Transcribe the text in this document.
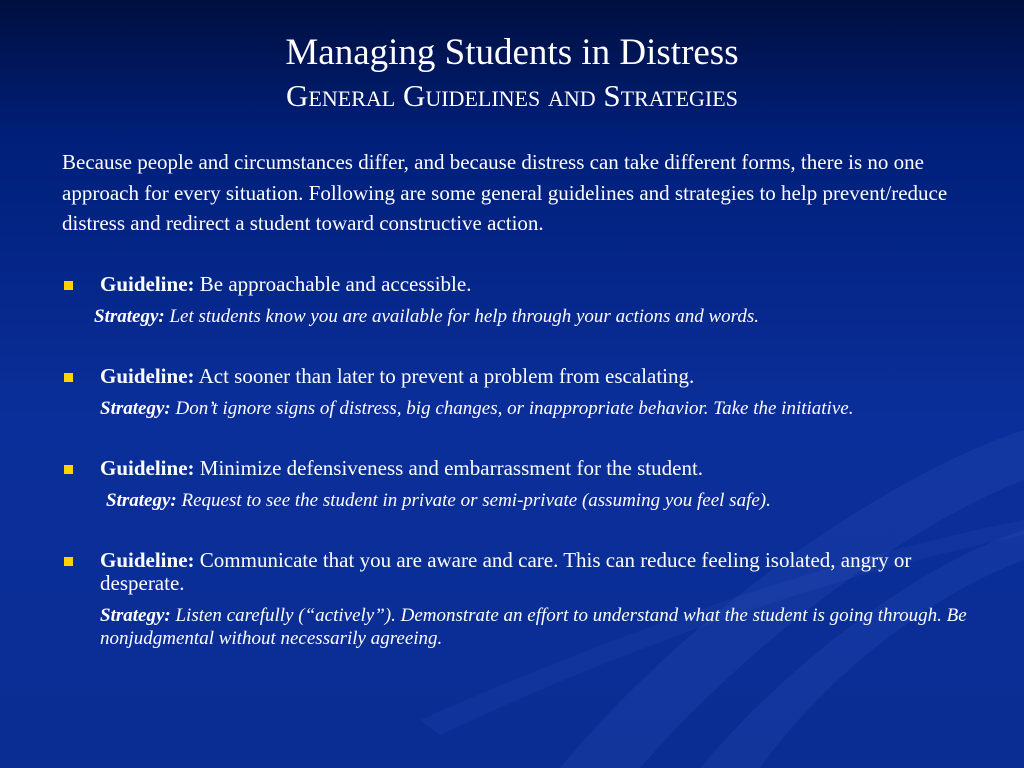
Managing Students in Distress
General Guidelines and Strategies
Because people and circumstances differ, and because distress can take different forms, there is no one approach for every situation. Following are some general guidelines and strategies to help prevent/reduce distress and redirect a student toward constructive action.
Guideline: Be approachable and accessible.
Strategy: Let students know you are available for help through your actions and words.
Guideline: Act sooner than later to prevent a problem from escalating.
Strategy: Don’t ignore signs of distress, big changes, or inappropriate behavior. Take the initiative.
Guideline: Minimize defensiveness and embarrassment for the student.
Strategy: Request to see the student in private or semi-private (assuming you feel safe).
Guideline: Communicate that you are aware and care. This can reduce feeling isolated, angry or desperate.
Strategy: Listen carefully (“actively”). Demonstrate an effort to understand what the student is going through. Be nonjudgmental without necessarily agreeing.
